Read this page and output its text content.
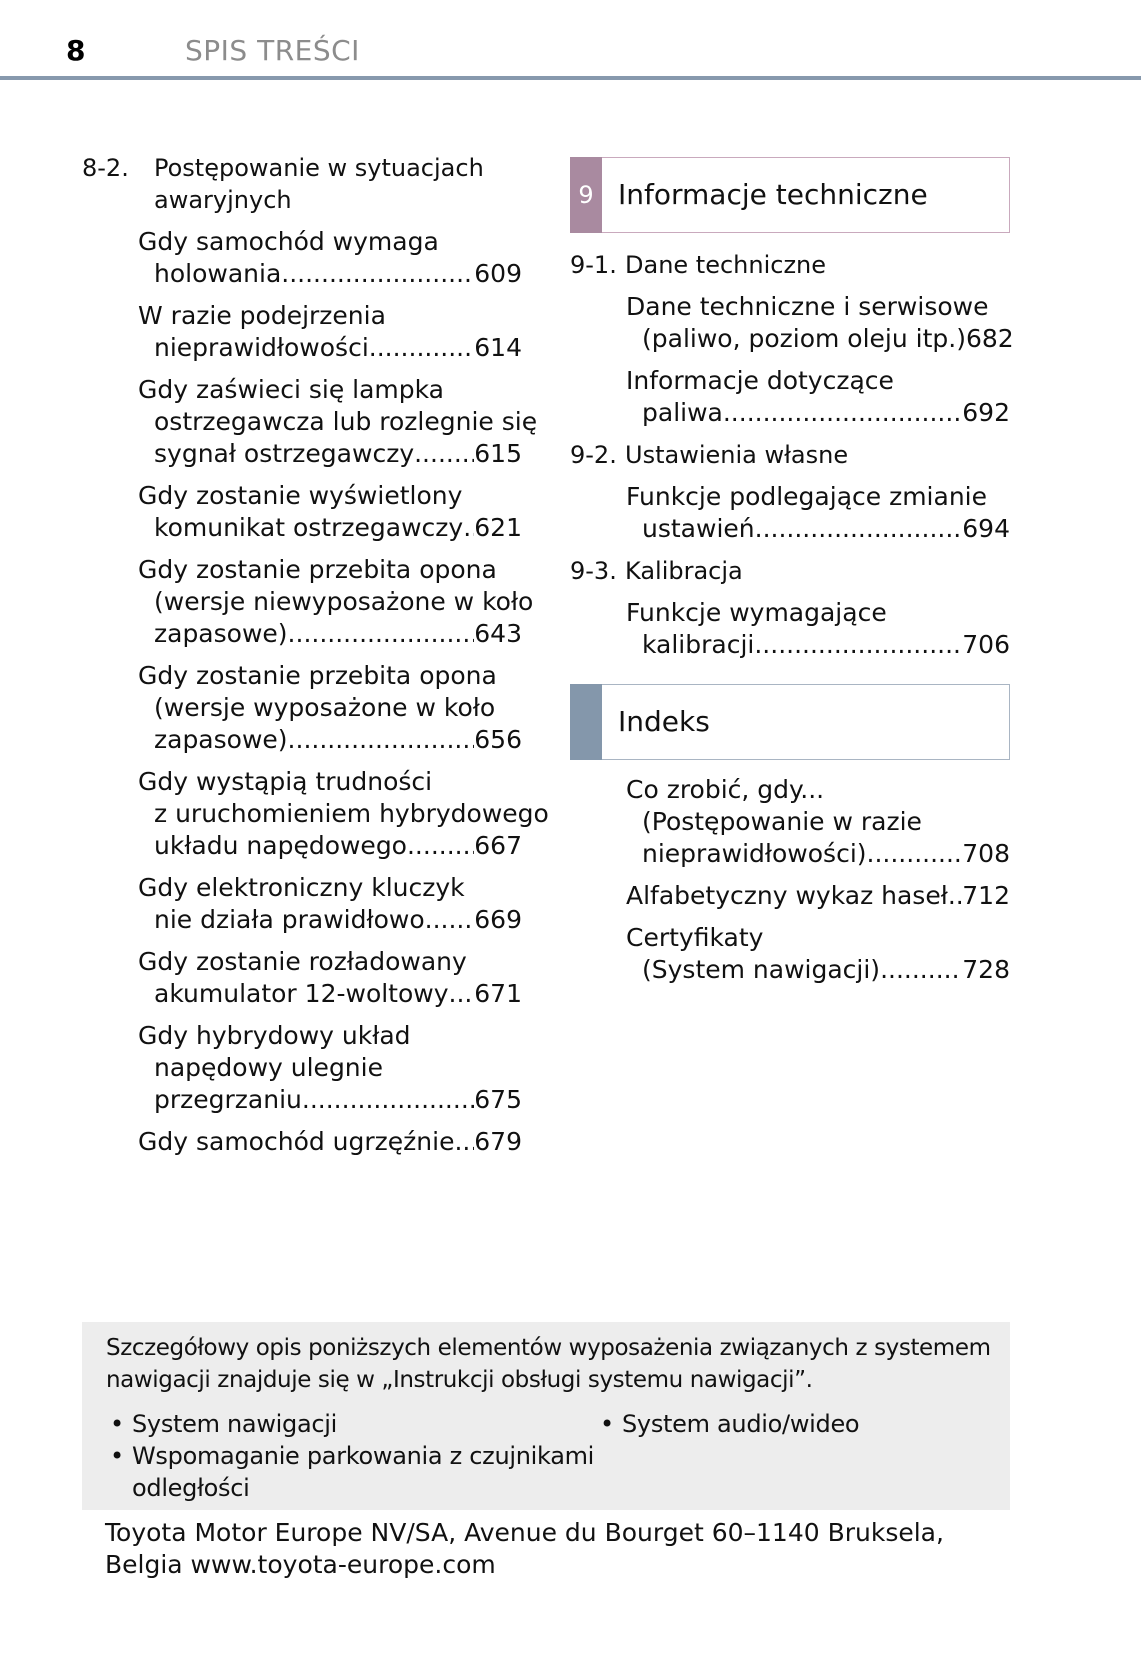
8	SPIS TREŚCI
8-2. Postępowanie w sytuacjach
awaryjnych
Gdy samochód wymaga
holowania .....	609
W razie podejrzenia
nieprawidłowości .....	614
Gdy zaświeci się lampka
ostrzegawcza lub rozlegnie się
sygnał ostrzegawczy ..... 615
Gdy zostanie wyświetlony
komunikat ostrzegawczy ..... 621
Gdy zostanie przebita opona
(wersje niewyposażone w koło
zapasowe) .....	643
Gdy zostanie przebita opona
(wersje wyposażone w koło
zapasowe) .....	656
Gdy wystąpią trudności
z uruchomieniem hybrydowego
układu napędowego .....	667
Gdy elektroniczny kluczyk
nie działa prawidłowo ..... 669
Gdy zostanie rozładowany
akumulator 12-woltowy ..... 671
Gdy hybrydowy układ
napędowy ulegnie
przegrzaniu .....	675
Gdy samochód ugrzęźnie ..... 679
9 Informacje techniczne
9-1. Dane techniczne
Dane techniczne i serwisowe
(paliwo, poziom oleju itp.) 682
Informacje dotyczące
paliwa .....	692
9-2. Ustawienia własne
Funkcje podlegające zmianie
ustawień .....	694
9-3. Kalibracja
Funkcje wymagające
kalibracji .....	706
Indeks
Co zrobić, gdy...
(Postępowanie w razie
nieprawidłowości) .....	708
Alfabetyczny wykaz haseł ..... 712
Certyfikaty
(System nawigacji) .....	728
Szczegółowy opis poniższych elementów wyposażenia związanych z systemem nawigacji znajduje się w „Instrukcji obsługi systemu nawigacji”.
• System nawigacji
• Wspomaganie parkowania z czujnikami
odległości
• System audio/wideo
Toyota Motor Europe NV/SA, Avenue du Bourget 60–1140 Bruksela,
Belgia www.toyota-europe.com
